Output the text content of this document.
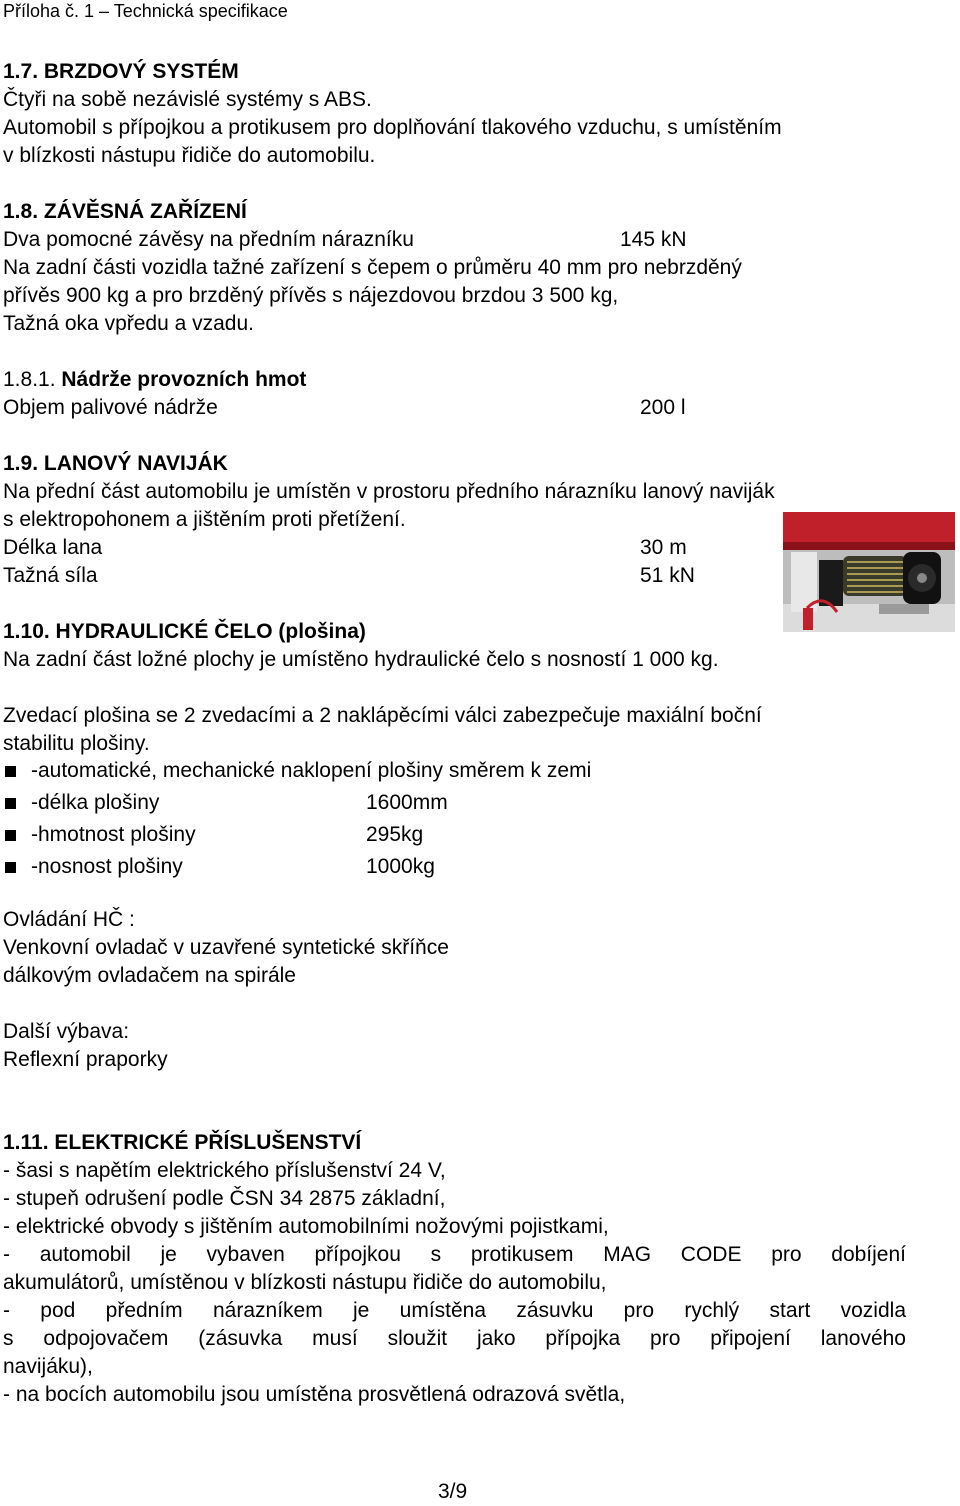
Příloha č. 1 – Technická specifikace
1.7. BRZDOVÝ SYSTÉM
Čtyři na sobě nezávislé systémy s ABS.
Automobil s přípojkou a protikusem pro doplňování tlakového vzduchu, s umístěním
v blízkosti nástupu řidiče do automobilu.
1.8. ZÁVĚSNÁ ZAŘÍZENÍ
Dva pomocné závěsy na předním nárazníku	145 kN
Na zadní části vozidla tažné zařízení s čepem o průměru 40 mm pro nebrzděný
přívěs 900 kg a pro brzděný přívěs s nájezdovou brzdou 3 500 kg,
Tažná oka vpředu a vzadu.
1.8.1. Nádrže provozních hmot
Objem palivové nádrže	200 l
1.9. LANOVÝ NAVIJÁK
Na přední část automobilu je umístěn v prostoru předního nárazníku lanový naviják
s elektropohonem a jištěním proti přetížení.
Délka lana	30 m
Tažná síla	51 kN
1.10. HYDRAULICKÉ ČELO (plošina)
Na zadní část ložné plochy je umístěno hydraulické čelo s nosností 1 000 kg.
Zvedací plošina se 2 zvedacími a 2 naklápěcími válci zabezpečuje maxiální boční
stabilitu plošiny.
-automatické, mechanické naklopení plošiny směrem k zemi
-délka plošiny	1600mm
-hmotnost plošiny	295kg
-nosnost plošiny	1000kg
Ovládání HČ :
Venkovní ovladač v uzavřené syntetické skříňce
dálkovým ovladačem na spirále
Další výbava:
Reflexní praporky
1.11. ELEKTRICKÉ PŘÍSLUŠENSTVÍ
- šasi s napětím elektrického příslušenství 24 V,
- stupeň odrušení podle ČSN 34 2875 základní,
- elektrické obvody s jištěním automobilními nožovými pojistkami,
- automobil je vybaven přípojkou s protikusem MAG CODE pro dobíjení
akumulátorů, umístěnou v blízkosti nástupu řidiče do automobilu,
- pod předním nárazníkem je umístěna zásuvku pro rychlý start vozidla
s odpojovačem (zásuvka musí sloužit jako přípojka pro připojení lanového
navijáku),
- na bocích automobilu jsou umístěna prosvětlená odrazová světla,
3/9
